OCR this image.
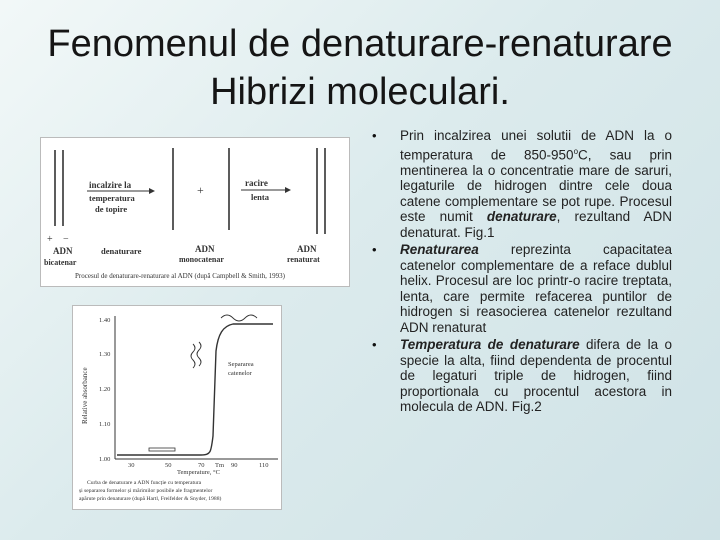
Fenomenul de denaturare-renaturare Hibrizi moleculari.
+ −
ADN
bicatenar
incalzire la
temperatura
de topire
+
denaturare	ADN
monocatenar
racire
lenta
ADN
renaturat
Procesul de denaturare-renaturare al ADN (după Campbell & Smith, 1993)
Relative absorbance
1.40
1.30
1.20
1.10
1.00
30	50	70 Tm 90	110
Temperature, °C
Separarea
catenelor
Curba de denaturare a ADN funcție cu temperatura
și separarea formelor și mărimilor posibile ale fragmentelor
apărute prin denaturare (după Hartl, Freifelder & Snyder, 1988)
• Prin incalzirea unei solutii de ADN la o temperatura de 850-950$^o$C, sau prin mentinerea la o concentratie mare de saruri, legaturile de hidrogen dintre cele doua catene complementare se pot rupe. Procesul este numit denaturare, rezultand ADN denaturat. Fig.1
• Renaturarea reprezinta capacitatea catenelor complementare de a reface dublul helix. Procesul are loc printr-o racire treptata, lenta, care permite refacerea puntilor de hidrogen si reasocierea catenelor rezultand ADN renaturat
• Temperatura de denaturare difera de la o specie la alta, fiind dependenta de procentul de legaturi triple de hidrogen, fiind proportionala cu procentul acestora in molecula de ADN. Fig.2
